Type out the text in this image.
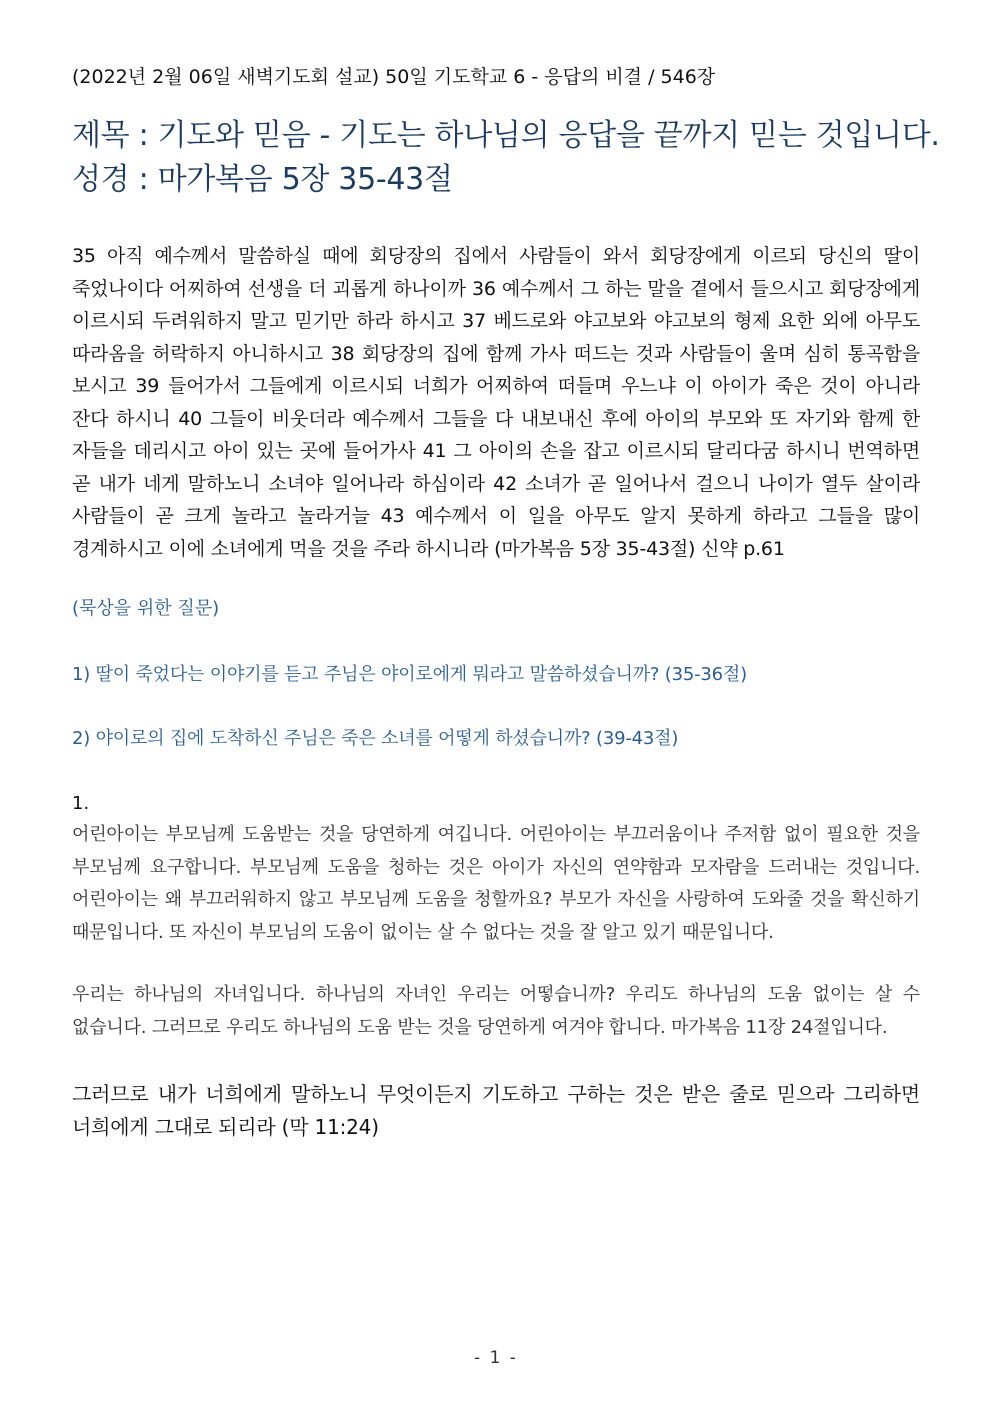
(2022년 2월 06일 새벽기도회 설교) 50일 기도학교 6 - 응답의 비결 / 546장
제목 : 기도와 믿음 - 기도는 하나님의 응답을 끝까지 믿는 것입니다.
성경 : 마가복음 5장 35-43절
35 아직 예수께서 말씀하실 때에 회당장의 집에서 사람들이 와서 회당장에게 이르되 당신의 딸이 죽었나이다 어찌하여 선생을 더 괴롭게 하나이까 36 예수께서 그 하는 말을 곁에서 들으시고 회당장에게 이르시되 두려워하지 말고 믿기만 하라 하시고 37 베드로와 야고보와 야고보의 형제 요한 외에 아무도 따라옴을 허락하지 아니하시고 38 회당장의 집에 함께 가사 떠드는 것과 사람들이 울며 심히 통곡함을 보시고 39 들어가서 그들에게 이르시되 너희가 어찌하여 떠들며 우느냐 이 아이가 죽은 것이 아니라 잔다 하시니 40 그들이 비웃더라 예수께서 그들을 다 내보내신 후에 아이의 부모와 또 자기와 함께 한 자들을 데리시고 아이 있는 곳에 들어가사 41 그 아이의 손을 잡고 이르시되 달리다굼 하시니 번역하면 곧 내가 네게 말하노니 소녀야 일어나라 하심이라 42 소녀가 곧 일어나서 걸으니 나이가 열두 살이라 사람들이 곧 크게 놀라고 놀라거늘 43 예수께서 이 일을 아무도 알지 못하게 하라고 그들을 많이 경계하시고 이에 소녀에게 먹을 것을 주라 하시니라 (마가복음 5장 35-43절) 신약 p.61
(묵상을 위한 질문)
1) 딸이 죽었다는 이야기를 듣고 주님은 야이로에게 뭐라고 말씀하셨습니까? (35-36절)
2) 야이로의 집에 도착하신 주님은 죽은 소녀를 어떻게 하셨습니까? (39-43절)
1.
어린아이는 부모님께 도움받는 것을 당연하게 여깁니다. 어린아이는 부끄러움이나 주저함 없이 필요한 것을 부모님께 요구합니다. 부모님께 도움을 청하는 것은 아이가 자신의 연약함과 모자람을 드러내는 것입니다. 어린아이는 왜 부끄러워하지 않고 부모님께 도움을 청할까요? 부모가 자신을 사랑하여 도와줄 것을 확신하기 때문입니다. 또 자신이 부모님의 도움이 없이는 살 수 없다는 것을 잘 알고 있기 때문입니다.
우리는 하나님의 자녀입니다. 하나님의 자녀인 우리는 어떻습니까? 우리도 하나님의 도움 없이는 살 수 없습니다. 그러므로 우리도 하나님의 도움 받는 것을 당연하게 여겨야 합니다. 마가복음 11장 24절입니다.
그러므로 내가 너희에게 말하노니 무엇이든지 기도하고 구하는 것은 받은 줄로 믿으라 그리하면 너희에게 그대로 되리라 (막 11:24)
- 1 -
